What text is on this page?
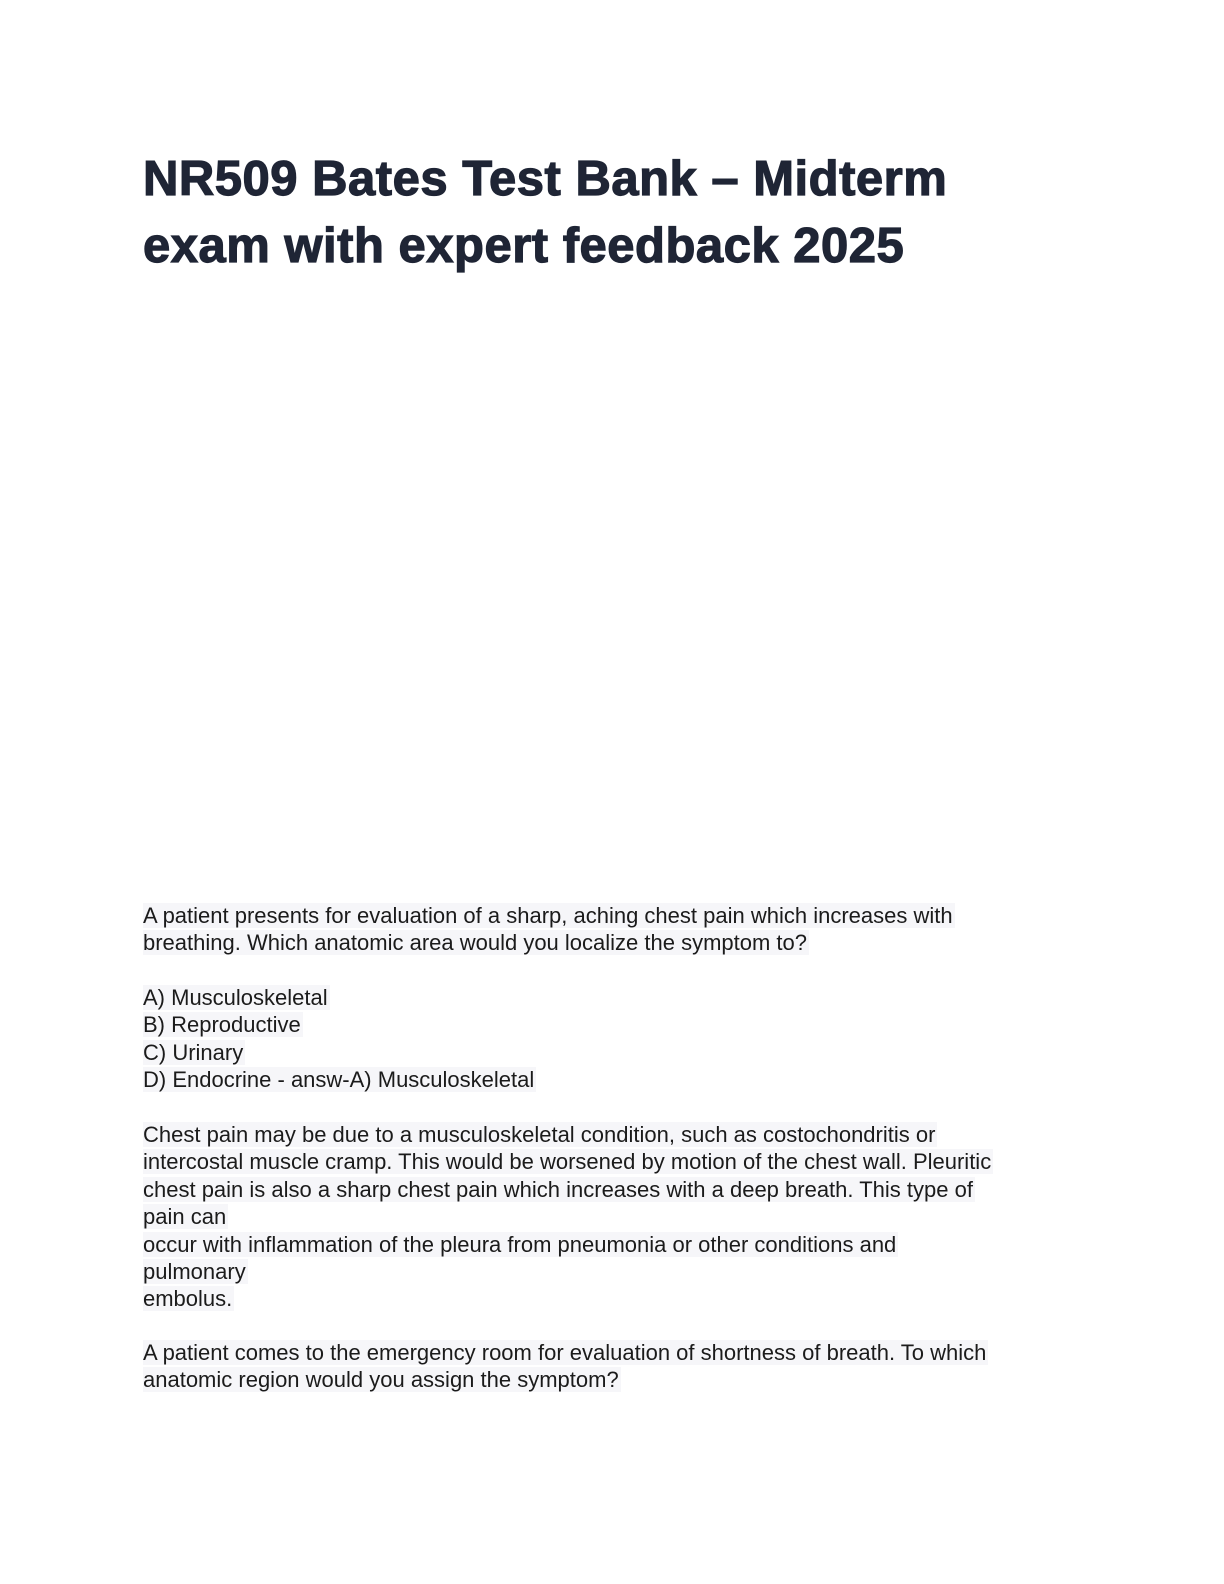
NR509 Bates Test Bank – Midterm
exam with expert feedback 2025
A patient presents for evaluation of a sharp, aching chest pain which increases with
breathing. Which anatomic area would you localize the symptom to?
A) Musculoskeletal
B) Reproductive
C) Urinary
D) Endocrine - answ-A) Musculoskeletal
Chest pain may be due to a musculoskeletal condition, such as costochondritis or
intercostal muscle cramp. This would be worsened by motion of the chest wall. Pleuritic
chest pain is also a sharp chest pain which increases with a deep breath. This type of
pain can
occur with inflammation of the pleura from pneumonia or other conditions and
pulmonary
embolus.
A patient comes to the emergency room for evaluation of shortness of breath. To which
anatomic region would you assign the symptom?
